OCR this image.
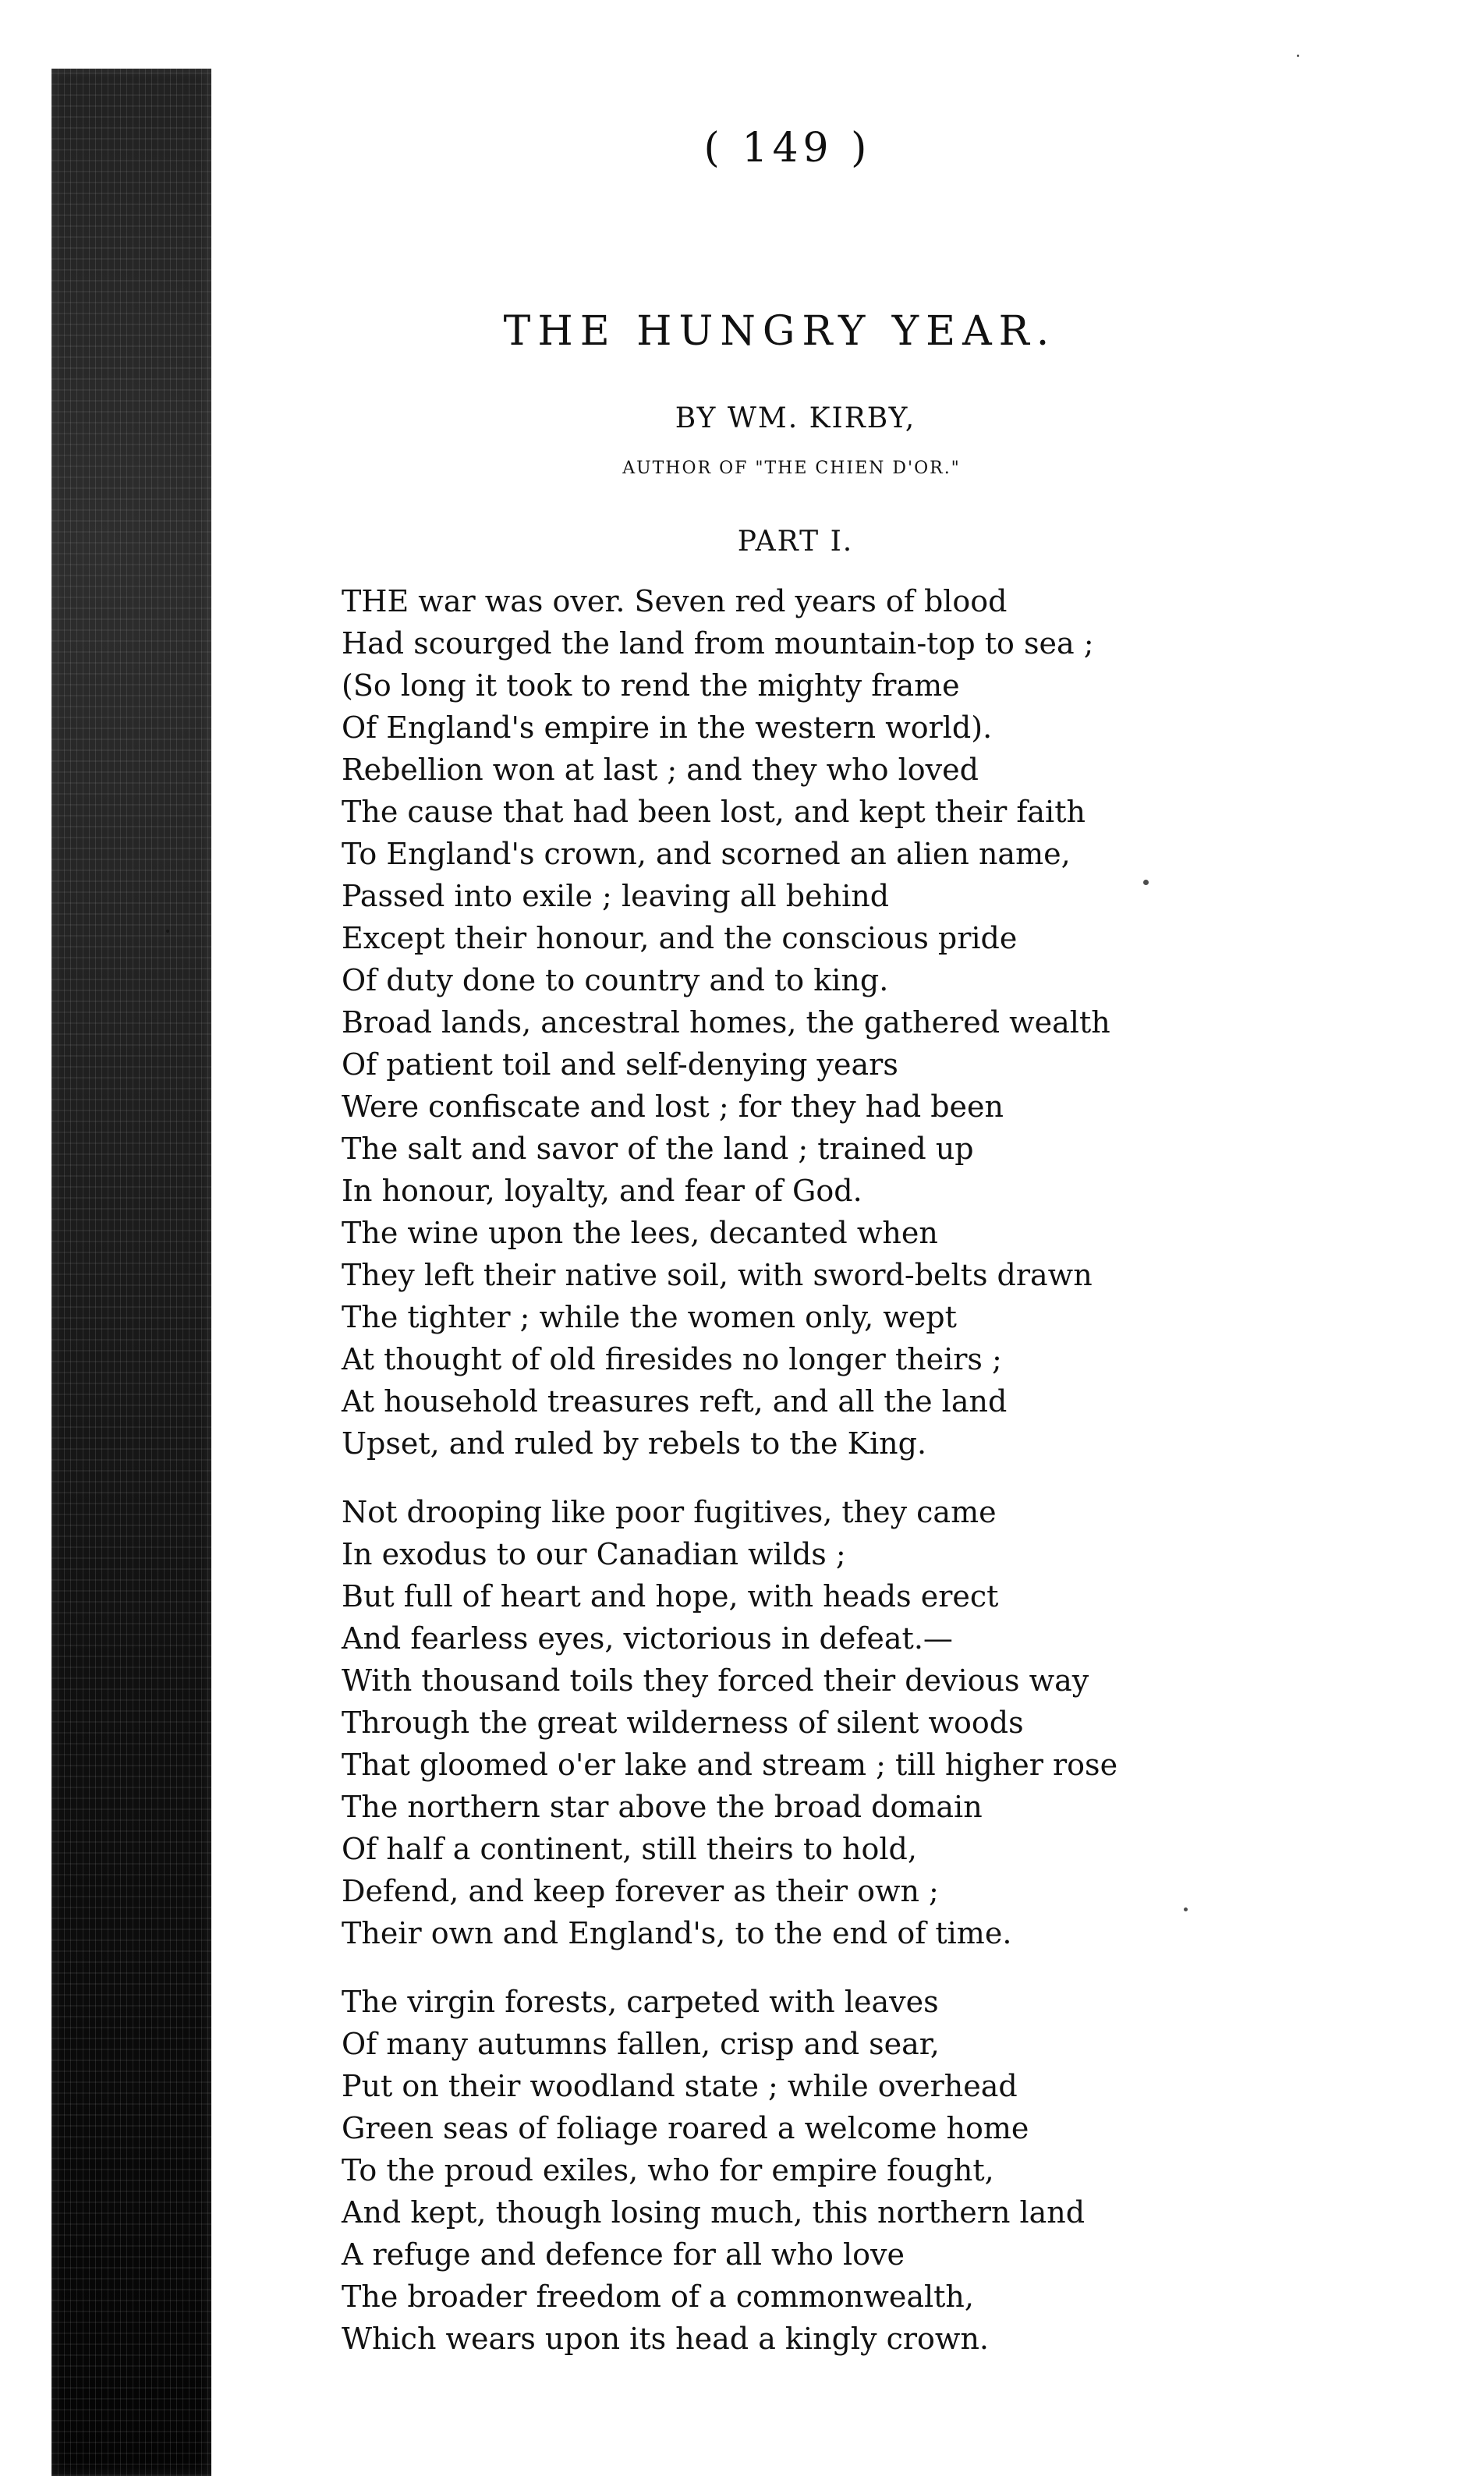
( 149 )
THE HUNGRY YEAR.
BY WM. KIRBY,
AUTHOR OF "THE CHIEN D'OR."
PART I.
THE war was over. Seven red years of blood
Had scourged the land from mountain-top to sea ;
(So long it took to rend the mighty frame
Of England's empire in the western world).
Rebellion won at last ; and they who loved
The cause that had been lost, and kept their faith
To England's crown, and scorned an alien name,
Passed into exile ; leaving all behind
Except their honour, and the conscious pride
Of duty done to country and to king.
Broad lands, ancestral homes, the gathered wealth
Of patient toil and self-denying years
Were confiscate and lost ; for they had been
The salt and savor of the land ; trained up
In honour, loyalty, and fear of God.
The wine upon the lees, decanted when
They left their native soil, with sword-belts drawn
The tighter ; while the women only, wept
At thought of old firesides no longer theirs ;
At household treasures reft, and all the land
Upset, and ruled by rebels to the King.
Not drooping like poor fugitives, they came
In exodus to our Canadian wilds ;
But full of heart and hope, with heads erect
And fearless eyes, victorious in defeat.—
With thousand toils they forced their devious way
Through the great wilderness of silent woods
That gloomed o'er lake and stream ; till higher rose
The northern star above the broad domain
Of half a continent, still theirs to hold,
Defend, and keep forever as their own ;
Their own and England's, to the end of time.
The virgin forests, carpeted with leaves
Of many autumns fallen, crisp and sear,
Put on their woodland state ; while overhead
Green seas of foliage roared a welcome home
To the proud exiles, who for empire fought,
And kept, though losing much, this northern land
A refuge and defence for all who love
The broader freedom of a commonwealth,
Which wears upon its head a kingly crown.
